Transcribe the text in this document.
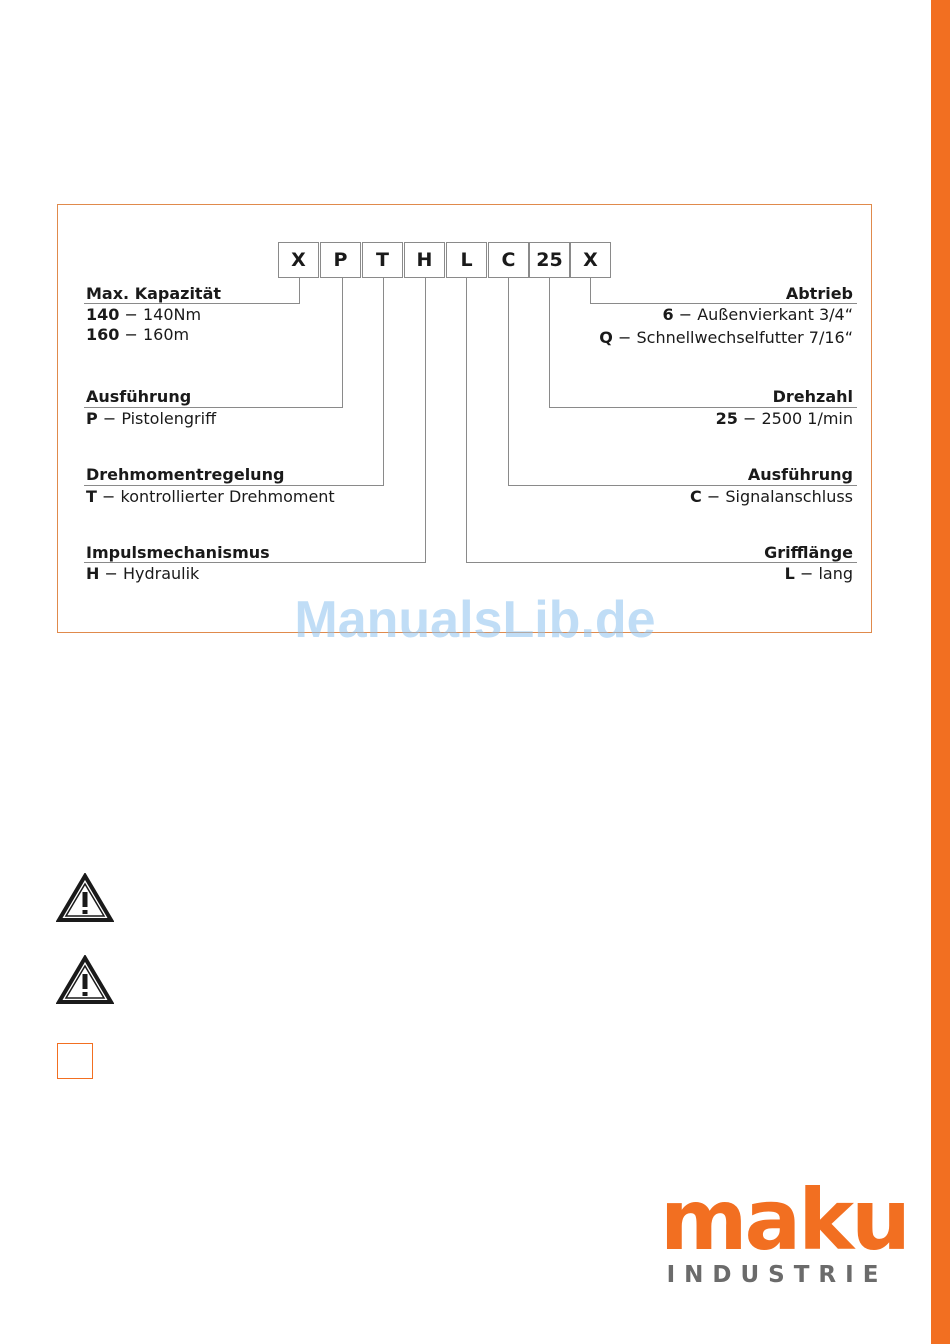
X	P	T	H	L	C	25	X
Max. Kapazität
140 − 140Nm
160 − 160m
Ausführung
P − Pistolengriff
Drehmomentregelung
T − kontrollierter Drehmoment
Impulsmechanismus
H − Hydraulik
Abtrieb
6 − Außenvierkant 3/4“
Q − Schnellwechselfutter 7/16“
Drehzahl
25 − 2500 1/min
Ausführung
C − Signalanschluss
Grifflänge
L − lang
ManualsLib.de
maku
INDUSTRIE
